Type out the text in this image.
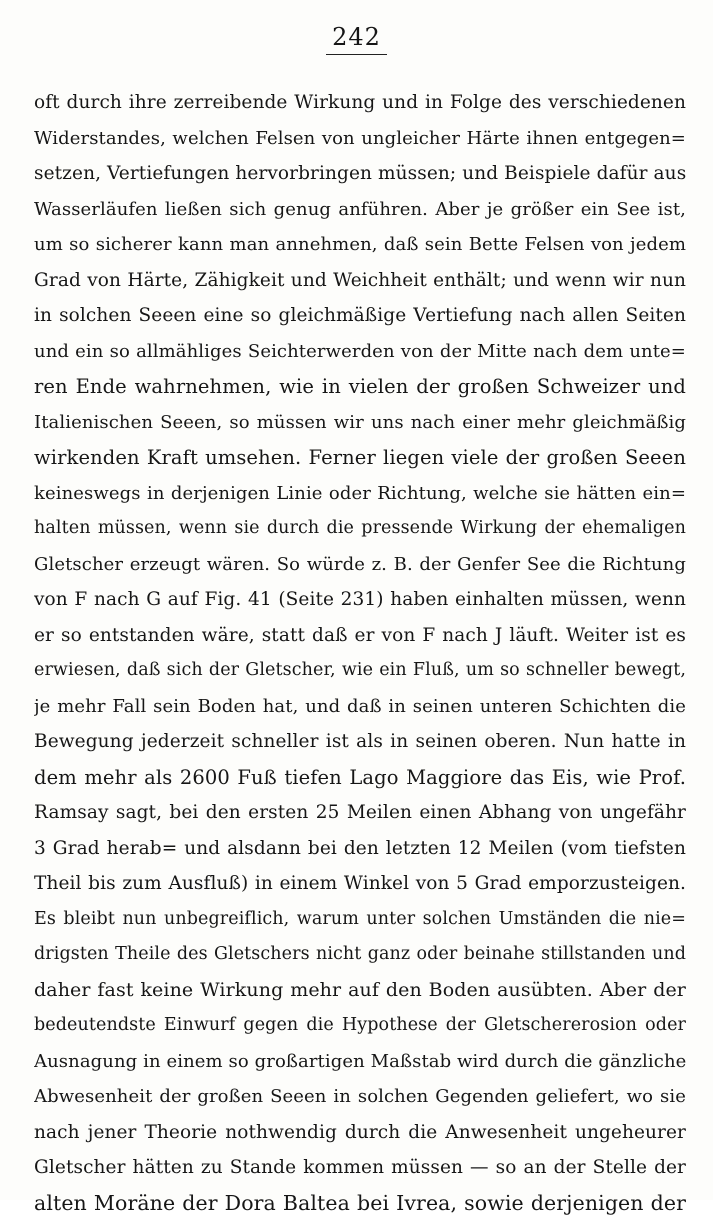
242
oft durch ihre zerreibende Wirkung und in Folge des verschiedenen
Widerstandes, welchen Felsen von ungleicher Härte ihnen entgegen=
setzen, Vertiefungen hervorbringen müssen; und Beispiele dafür aus
Wasserläufen ließen sich genug anführen. Aber je größer ein See ist,
um so sicherer kann man annehmen, daß sein Bette Felsen von jedem
Grad von Härte, Zähigkeit und Weichheit enthält; und wenn wir nun
in solchen Seeen eine so gleichmäßige Vertiefung nach allen Seiten
und ein so allmähliges Seichterwerden von der Mitte nach dem unte=
ren Ende wahrnehmen, wie in vielen der großen Schweizer und
Italienischen Seeen, so müssen wir uns nach einer mehr gleichmäßig
wirkenden Kraft umsehen. Ferner liegen viele der großen Seeen
keineswegs in derjenigen Linie oder Richtung, welche sie hätten ein=
halten müssen, wenn sie durch die pressende Wirkung der ehemaligen
Gletscher erzeugt wären. So würde z. B. der Genfer See die Richtung
von F nach G auf Fig. 41 (Seite 231) haben einhalten müssen, wenn
er so entstanden wäre, statt daß er von F nach J läuft. Weiter ist es
erwiesen, daß sich der Gletscher, wie ein Fluß, um so schneller bewegt,
je mehr Fall sein Boden hat, und daß in seinen unteren Schichten die
Bewegung jederzeit schneller ist als in seinen oberen. Nun hatte in
dem mehr als 2600 Fuß tiefen Lago Maggiore das Eis, wie Prof.
Ramsay sagt, bei den ersten 25 Meilen einen Abhang von ungefähr
3 Grad herab= und alsdann bei den letzten 12 Meilen (vom tiefsten
Theil bis zum Ausfluß) in einem Winkel von 5 Grad emporzusteigen.
Es bleibt nun unbegreiflich, warum unter solchen Umständen die nie=
drigsten Theile des Gletschers nicht ganz oder beinahe stillstanden und
daher fast keine Wirkung mehr auf den Boden ausübten. Aber der
bedeutendste Einwurf gegen die Hypothese der Gletschererosion oder
Ausnagung in einem so großartigen Maßstab wird durch die gänzliche
Abwesenheit der großen Seeen in solchen Gegenden geliefert, wo sie
nach jener Theorie nothwendig durch die Anwesenheit ungeheurer
Gletscher hätten zu Stande kommen müssen — so an der Stelle der
alten Moräne der Dora Baltea bei Ivrea, sowie derjenigen der
